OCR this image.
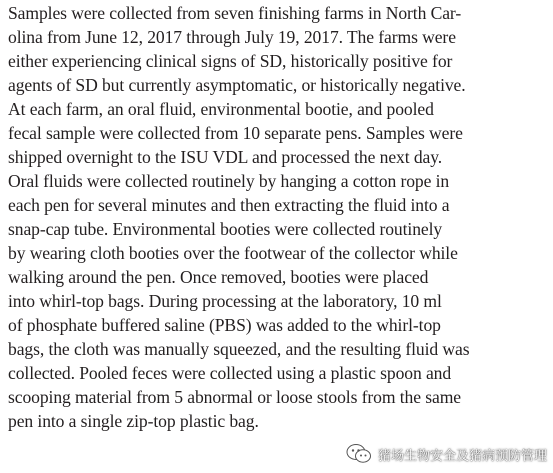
Samples were collected from seven finishing farms in North Car-
olina from June 12, 2017 through July 19, 2017. The farms were
either experiencing clinical signs of SD, historically positive for
agents of SD but currently asymptomatic, or historically negative.
At each farm, an oral fluid, environmental bootie, and pooled
fecal sample were collected from 10 separate pens. Samples were
shipped overnight to the ISU VDL and processed the next day.
Oral fluids were collected routinely by hanging a cotton rope in
each pen for several minutes and then extracting the fluid into a
snap-cap tube. Environmental booties were collected routinely
by wearing cloth booties over the footwear of the collector while
walking around the pen. Once removed, booties were placed
into whirl-top bags. During processing at the laboratory, 10 ml
of phosphate buffered saline (PBS) was added to the whirl-top
bags, the cloth was manually squeezed, and the resulting fluid was
collected. Pooled feces were collected using a plastic spoon and
scooping material from 5 abnormal or loose stools from the same
pen into a single zip-top plastic bag.
猪场生物安全及猪病预防管理
